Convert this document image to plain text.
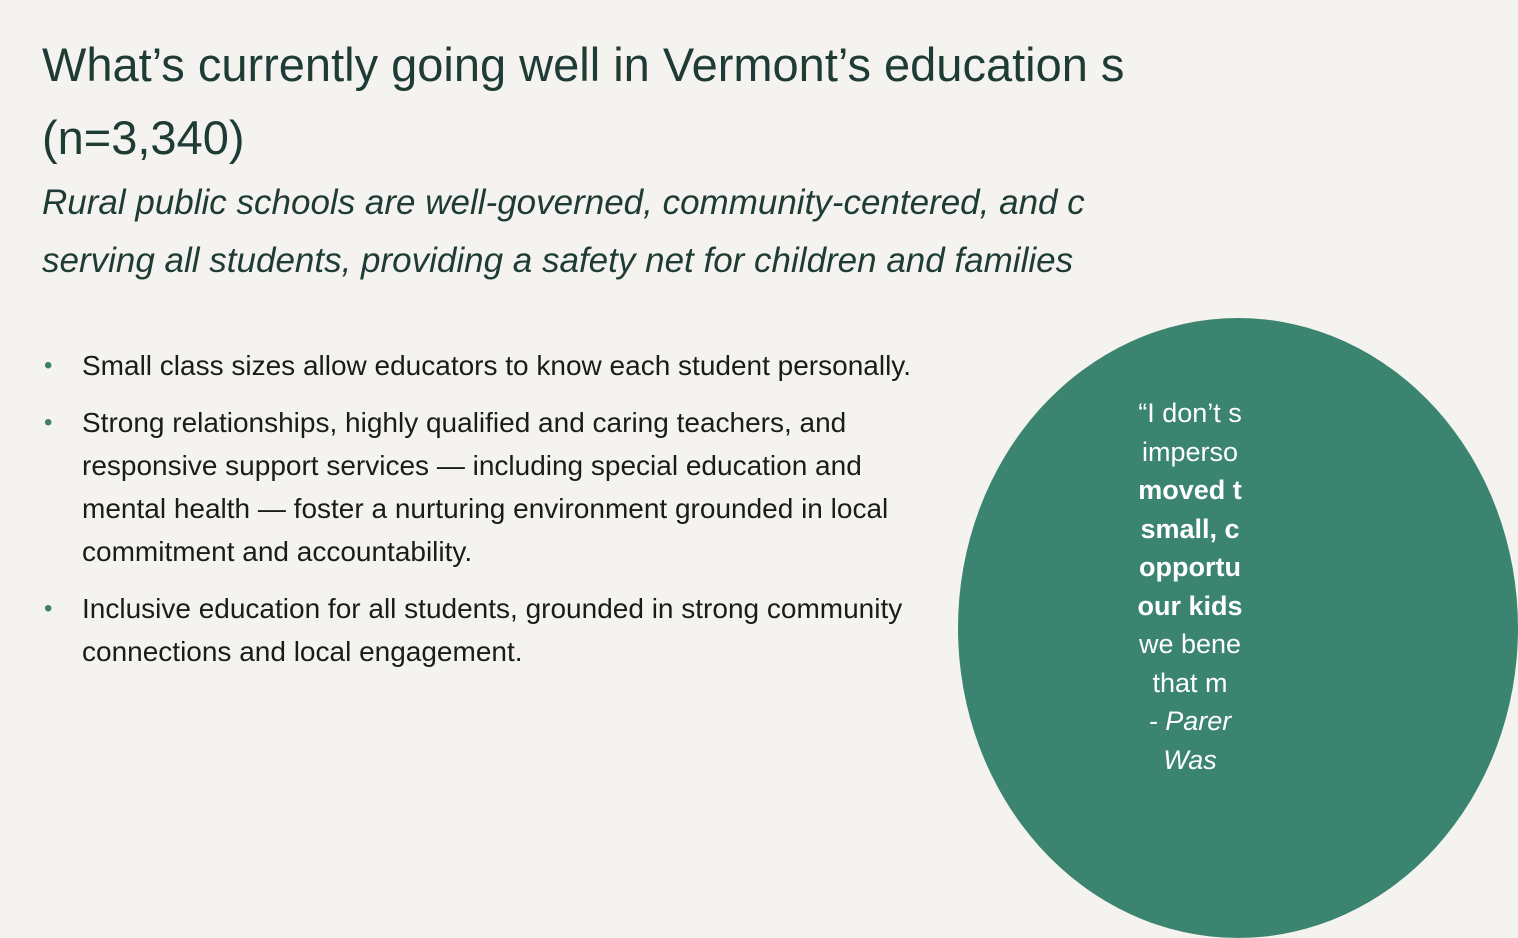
What’s currently going well in Vermont’s education s
(n=3,340)
Rural public schools are well-governed, community-centered, and c
serving all students, providing a safety net for children and families
• Small class sizes allow educators to know each student personally.
• Strong relationships, highly qualified and caring teachers, and responsive support services — including special education and mental health — foster a nurturing environment grounded in local commitment and accountability.
• Inclusive education for all students, grounded in strong community connections and local engagement.
“I don’t s
imperso
moved t
small, c
opportu
our kids
we bene
that m
- Parer
Was
